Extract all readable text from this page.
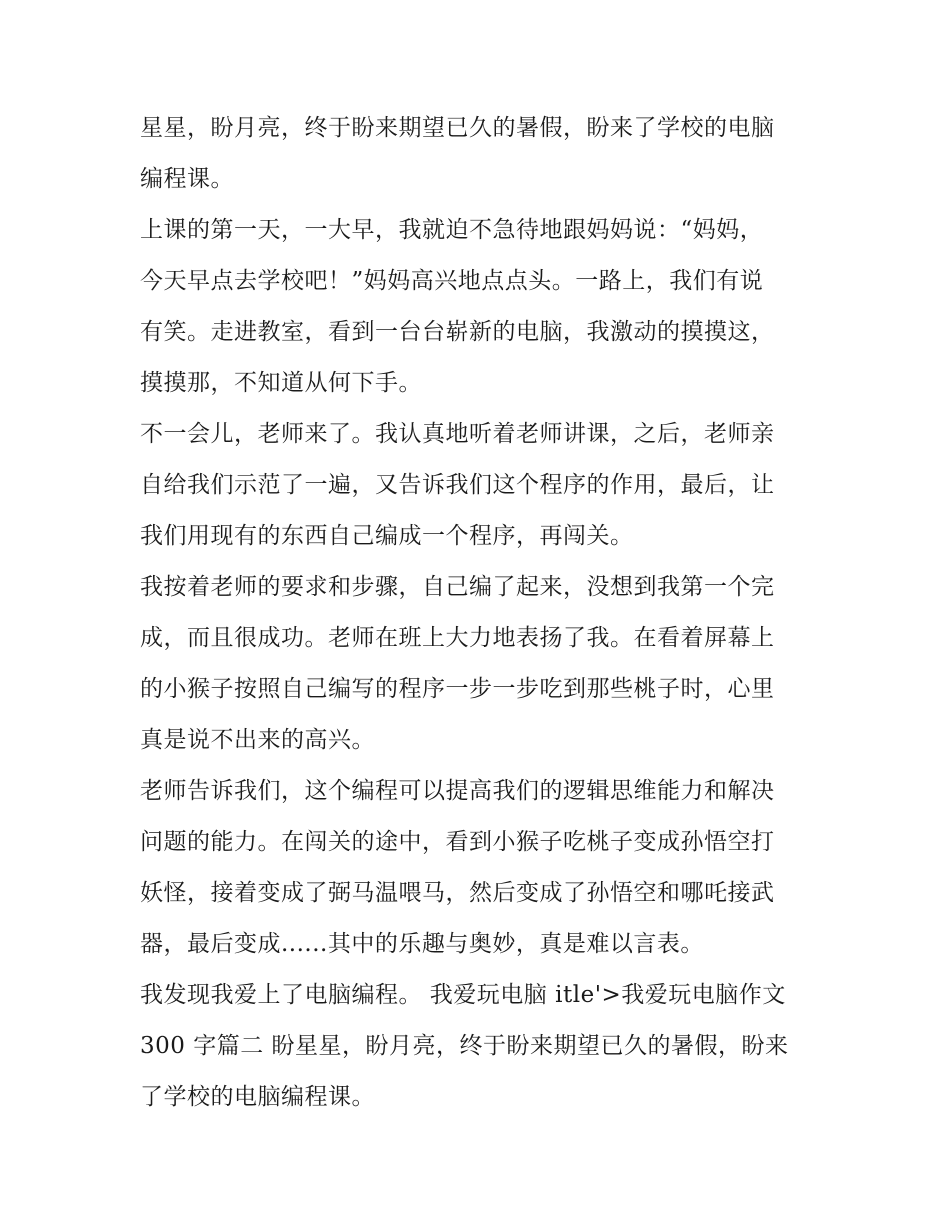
星星，盼月亮，终于盼来期望已久的暑假，盼来了学校的电脑
编程课。
上课的第一天，一大早，我就迫不急待地跟妈妈说：“妈妈，
今天早点去学校吧！”妈妈高兴地点点头。一路上，我们有说
有笑。走进教室，看到一台台崭新的电脑，我激动的摸摸这，
摸摸那，不知道从何下手。
不一会儿，老师来了。我认真地听着老师讲课，之后，老师亲
自给我们示范了一遍，又告诉我们这个程序的作用，最后，让
我们用现有的东西自己编成一个程序，再闯关。
我按着老师的要求和步骤，自己编了起来，没想到我第一个完
成，而且很成功。老师在班上大力地表扬了我。在看着屏幕上
的小猴子按照自己编写的程序一步一步吃到那些桃子时，心里
真是说不出来的高兴。
老师告诉我们，这个编程可以提高我们的逻辑思维能力和解决
问题的能力。在闯关的途中，看到小猴子吃桃子变成孙悟空打
妖怪，接着变成了弼马温喂马，然后变成了孙悟空和哪吒接武
器，最后变成......其中的乐趣与奥妙，真是难以言表。
我发现我爱上了电脑编程。 我爱玩电脑 itle'>我爱玩电脑作文
300 字篇二 盼星星，盼月亮，终于盼来期望已久的暑假，盼来
了学校的电脑编程课。
